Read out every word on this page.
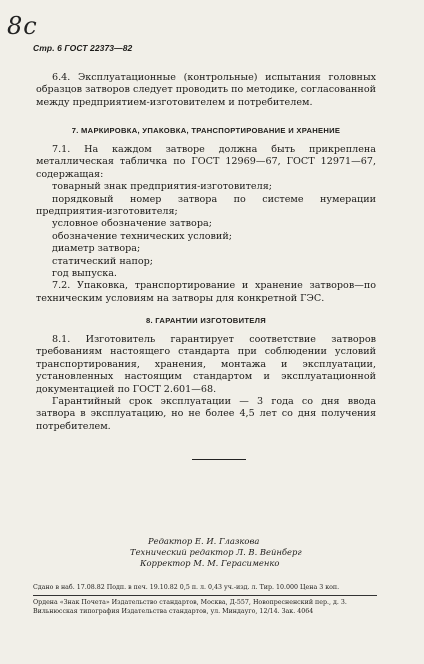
8c
Стр. 6 ГОСТ 22373—82

6.4. Эксплуатационные (контрольные) испытания головных образцов затворов следует проводить по методике, согласованной между предприятием-изготовителем и потребителем.

7. МАРКИРОВКА, УПАКОВКА, ТРАНСПОРТИРОВАНИЕ И ХРАНЕНИЕ

7.1. На каждом затворе должна быть прикреплена металлическая табличка по ГОСТ 12969—67, ГОСТ 12971—67, содержащая:

товарный знак предприятия-изготовителя;
порядковый номер затвора по системе нумерации предприятия-изготовителя;
условное обозначение затвора;
обозначение технических условий;
диаметр затвора;
статический напор;
год выпуска.

7.2. Упаковка, транспортирование и хранение затворов—по техническим условиям на затворы для конкретной ГЭС.

8. ГАРАНТИИ ИЗГОТОВИТЕЛЯ

8.1. Изготовитель гарантирует соответствие затворов требованиям настоящего стандарта при соблюдении условий транспортирования, хранения, монтажа и эксплуатации, установленных настоящим стандартом и эксплуатационной документацией по ГОСТ 2.601—68.

Гарантийный срок эксплуатации — 3 года со дня ввода затвора в эксплуатацию, но не более 4,5 лет со дня получения потребителем.

Редактор Е. И. Глазкова
Технический редактор Л. В. Вейнберг
Корректор М. М. Герасименко
Сдано в наб. 17.08.82 Подп. в печ. 19.10.82 0,5 п. л. 0,43 уч.-изд. л. Тир. 10.000 Цена 3 коп.
Ордена «Знак Почета» Издательство стандартов, Москва, Д-557, Новопресненский пер., д. 3.
Вильнюсская типография Издательства стандартов, ул. Миндауго, 12/14. Зак. 4064
